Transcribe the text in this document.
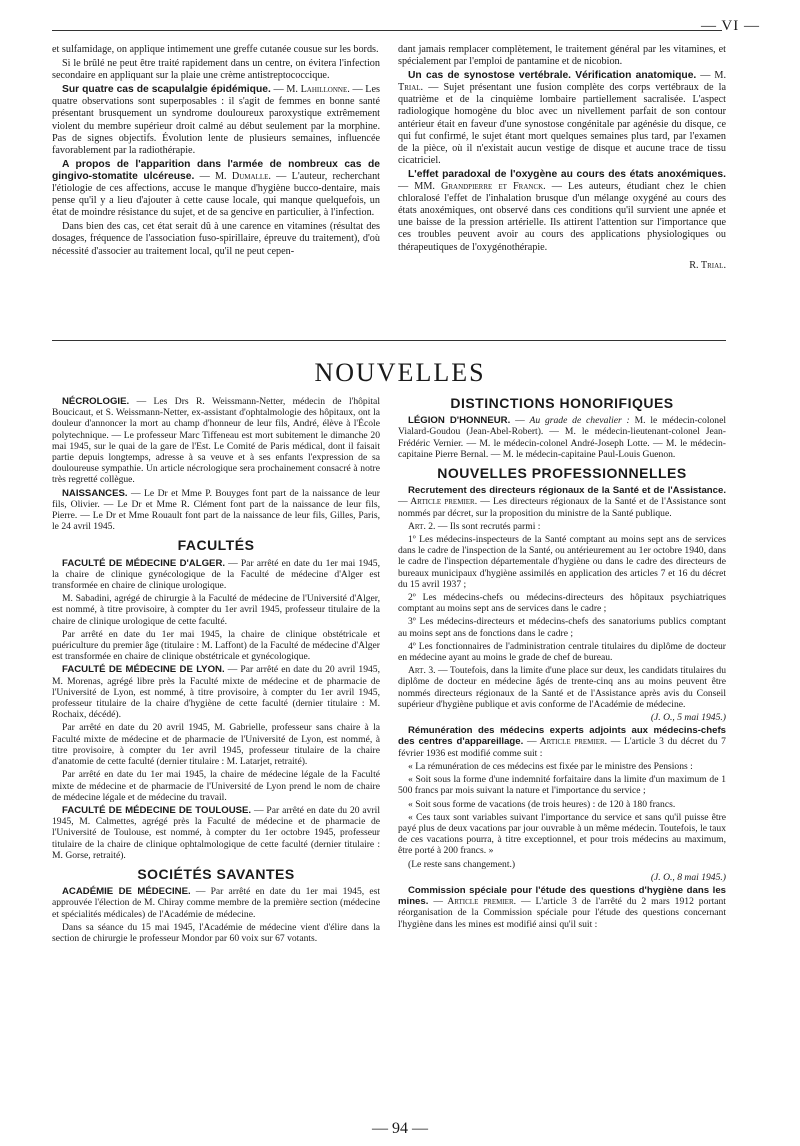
— VI —

et sulfamidage, on applique intimement une greffe cutanée cousue sur les bords.

Si le brûlé ne peut être traité rapidement dans un centre, on évitera l'infection secondaire en appliquant sur la plaie une crème antistreptococcique.

Sur quatre cas de scapulalgie épidémique. — M. Lahillonne. — Les quatre observations sont superposables : il s'agit de femmes en bonne santé présentant brusquement un syndrome douloureux paroxystique extrêmement violent du membre supérieur droit calmé au début seulement par la morphine. Pas de signes objectifs. Évolution lente de plusieurs semaines, influencée favorablement par la radiothérapie.

A propos de l'apparition dans l'armée de nombreux cas de gingivo-stomatite ulcéreuse. — M. Dumalle. — L'auteur, recherchant l'étiologie de ces affections, accuse le manque d'hygiène bucco-dentaire, mais pense qu'il y a lieu d'ajouter à cette cause locale, qui manque quelquefois, un état de moindre résistance du sujet, et de sa gencive en particulier, à l'infection.

Dans bien des cas, cet état serait dû à une carence en vitamines (résultat des dosages, fréquence de l'association fuso-spirillaire, épreuve du traitement), d'où nécessité d'associer au traitement local, qu'il ne peut cepen-

dant jamais remplacer complètement, le traitement général par les vitamines, et spécialement par l'emploi de pantamine et de nicobion.

Un cas de synostose vertébrale. Vérification anatomique. — M. Trial. — Sujet présentant une fusion complète des corps vertébraux de la quatrième et de la cinquième lombaire partiellement sacralisée. L'aspect radiologique homogène du bloc avec un nivellement parfait de son contour antérieur était en faveur d'une synostose congénitale par agénésie du disque, ce qui fut confirmé, le sujet étant mort quelques semaines plus tard, par l'examen de la pièce, où il n'existait aucun vestige de disque et aucune trace de tissu cicatriciel.

L'effet paradoxal de l'oxygène au cours des états anoxémiques. — MM. Grandpierre et Franck. — Les auteurs, étudiant chez le chien chloralosé l'effet de l'inhalation brusque d'un mélange oxygéné au cours des états anoxémiques, ont observé dans ces conditions qu'il survient une apnée et une baisse de la pression artérielle. Ils attirent l'attention sur l'importance que ces troubles peuvent avoir au cours des applications physiologiques ou thérapeutiques de l'oxygénothérapie.

R. Trial.

NOUVELLES

NÉCROLOGIE. — Les Drs R. Weissmann-Netter, médecin de l'hôpital Boucicaut, et S. Weissmann-Netter, ex-assistant d'ophtalmologie des hôpitaux, ont la douleur d'annoncer la mort au champ d'honneur de leur fils, André, élève à l'École polytechnique. — Le professeur Marc Tiffeneau est mort subitement le dimanche 20 mai 1945, sur le quai de la gare de l'Est. Le Comité de Paris médical, dont il faisait partie depuis longtemps, adresse à sa veuve et à ses enfants l'expression de sa douloureuse sympathie. Un article nécrologique sera prochainement consacré à notre très regretté collègue.

NAISSANCES. — Le Dr et Mme P. Bouyges font part de la naissance de leur fils, Olivier. — Le Dr et Mme R. Clément font part de la naissance de leur fils, Pierre. — Le Dr et Mme Rouault font part de la naissance de leur fils, Gilles, Paris, le 24 avril 1945.

FACULTÉS

FACULTÉ DE MÉDECINE D'ALGER. — Par arrêté en date du 1er mai 1945, la chaire de clinique gynécologique de la Faculté de médecine d'Alger est transformée en chaire de clinique urologique.

M. Sabadini, agrégé de chirurgie à la Faculté de médecine de l'Université d'Alger, est nommé, à titre provisoire, à compter du 1er avril 1945, professeur titulaire de la chaire de clinique urologique de cette faculté.

Par arrêté en date du 1er mai 1945, la chaire de clinique obstétricale et puériculture du premier âge (titulaire : M. Laffont) de la Faculté de médecine d'Alger est transformée en chaire de clinique obstétricale et gynécologique.

FACULTÉ DE MÉDECINE DE LYON. — Par arrêté en date du 20 avril 1945, M. Morenas, agrégé libre près la Faculté mixte de médecine et de pharmacie de l'Université de Lyon, est nommé, à titre provisoire, à compter du 1er avril 1945, professeur titulaire de la chaire d'hygiène de cette faculté (dernier titulaire : M. Rochaix, décédé).

Par arrêté en date du 20 avril 1945, M. Gabrielle, professeur sans chaire à la Faculté mixte de médecine et de pharmacie de l'Université de Lyon, est nommé, à titre provisoire, à compter du 1er avril 1945, professeur titulaire de la chaire d'anatomie de cette faculté (dernier titulaire : M. Latarjet, retraité).

Par arrêté en date du 1er mai 1945, la chaire de médecine légale de la Faculté mixte de médecine et de pharmacie de l'Université de Lyon prend le nom de chaire de médecine légale et de médecine du travail.

FACULTÉ DE MÉDECINE DE TOULOUSE. — Par arrêté en date du 20 avril 1945, M. Calmettes, agrégé près la Faculté de médecine et de pharmacie de l'Université de Toulouse, est nommé, à compter du 1er octobre 1945, professeur titulaire de la chaire de clinique ophtalmologique de cette faculté (dernier titulaire : M. Gorse, retraité).

SOCIÉTÉS SAVANTES

ACADÉMIE DE MÉDECINE. — Par arrêté en date du 1er mai 1945, est approuvée l'élection de M. Chiray comme membre de la première section (médecine et spécialités médicales) de l'Académie de médecine.

Dans sa séance du 15 mai 1945, l'Académie de médecine vient d'élire dans la section de chirurgie le professeur Mondor par 60 voix sur 67 votants.

DISTINCTIONS HONORIFIQUES

LÉGION D'HONNEUR. — Au grade de chevalier : M. le médecin-colonel Vialard-Goudou (Jean-Abel-Robert). — M. le médecin-lieutenant-colonel Jean-Frédéric Vernier. — M. le médecin-colonel André-Joseph Lotte. — M. le médecin-capitaine Pierre Bernal. — M. le médecin-capitaine Paul-Louis Guenon.

NOUVELLES PROFESSIONNELLES

Recrutement des directeurs régionaux de la Santé et de l'Assistance. — Article premier. — Les directeurs régionaux de la Santé et de l'Assistance sont nommés par décret, sur la proposition du ministre de la Santé publique.

Art. 2. — Ils sont recrutés parmi :

1º Les médecins-inspecteurs de la Santé comptant au moins sept ans de services dans le cadre de l'inspection de la Santé, ou antérieurement au 1er octobre 1940, dans le cadre de l'inspection départementale d'hygiène ou dans le cadre des directeurs de bureaux municipaux d'hygiène assimilés en application des articles 7 et 16 du décret du 15 avril 1937 ;

2º Les médecins-chefs ou médecins-directeurs des hôpitaux psychiatriques comptant au moins sept ans de services dans le cadre ;

3º Les médecins-directeurs et médecins-chefs des sanatoriums publics comptant au moins sept ans de fonctions dans le cadre ;

4º Les fonctionnaires de l'administration centrale titulaires du diplôme de docteur en médecine ayant au moins le grade de chef de bureau.

Art. 3. — Toutefois, dans la limite d'une place sur deux, les candidats titulaires du diplôme de docteur en médecine âgés de trente-cinq ans au moins peuvent être nommés directeurs régionaux de la Santé et de l'Assistance après avis du Conseil supérieur d'hygiène publique et avis conforme de l'Académie de médecine.

(J. O., 5 mai 1945.)

Rémunération des médecins experts adjoints aux médecins-chefs des centres d'appareillage. — Article premier. — L'article 3 du décret du 7 février 1936 est modifié comme suit :

« La rémunération de ces médecins est fixée par le ministre des Pensions :

« Soit sous la forme d'une indemnité forfaitaire dans la limite d'un maximum de 1 500 francs par mois suivant la nature et l'importance du service ;

« Soit sous forme de vacations (de trois heures) : de 120 à 180 francs.

« Ces taux sont variables suivant l'importance du service et sans qu'il puisse être payé plus de deux vacations par jour ouvrable à un même médecin. Toutefois, le taux de ces vacations pourra, à titre exceptionnel, et pour trois médecins au maximum, être porté à 200 francs. »

(Le reste sans changement.)

(J. O., 8 mai 1945.)

Commission spéciale pour l'étude des questions d'hygiène dans les mines. — Article premier. — L'article 3 de l'arrêté du 2 mars 1912 portant réorganisation de la Commission spéciale pour l'étude des questions concernant l'hygiène dans les mines est modifié ainsi qu'il suit :

— 94 —
